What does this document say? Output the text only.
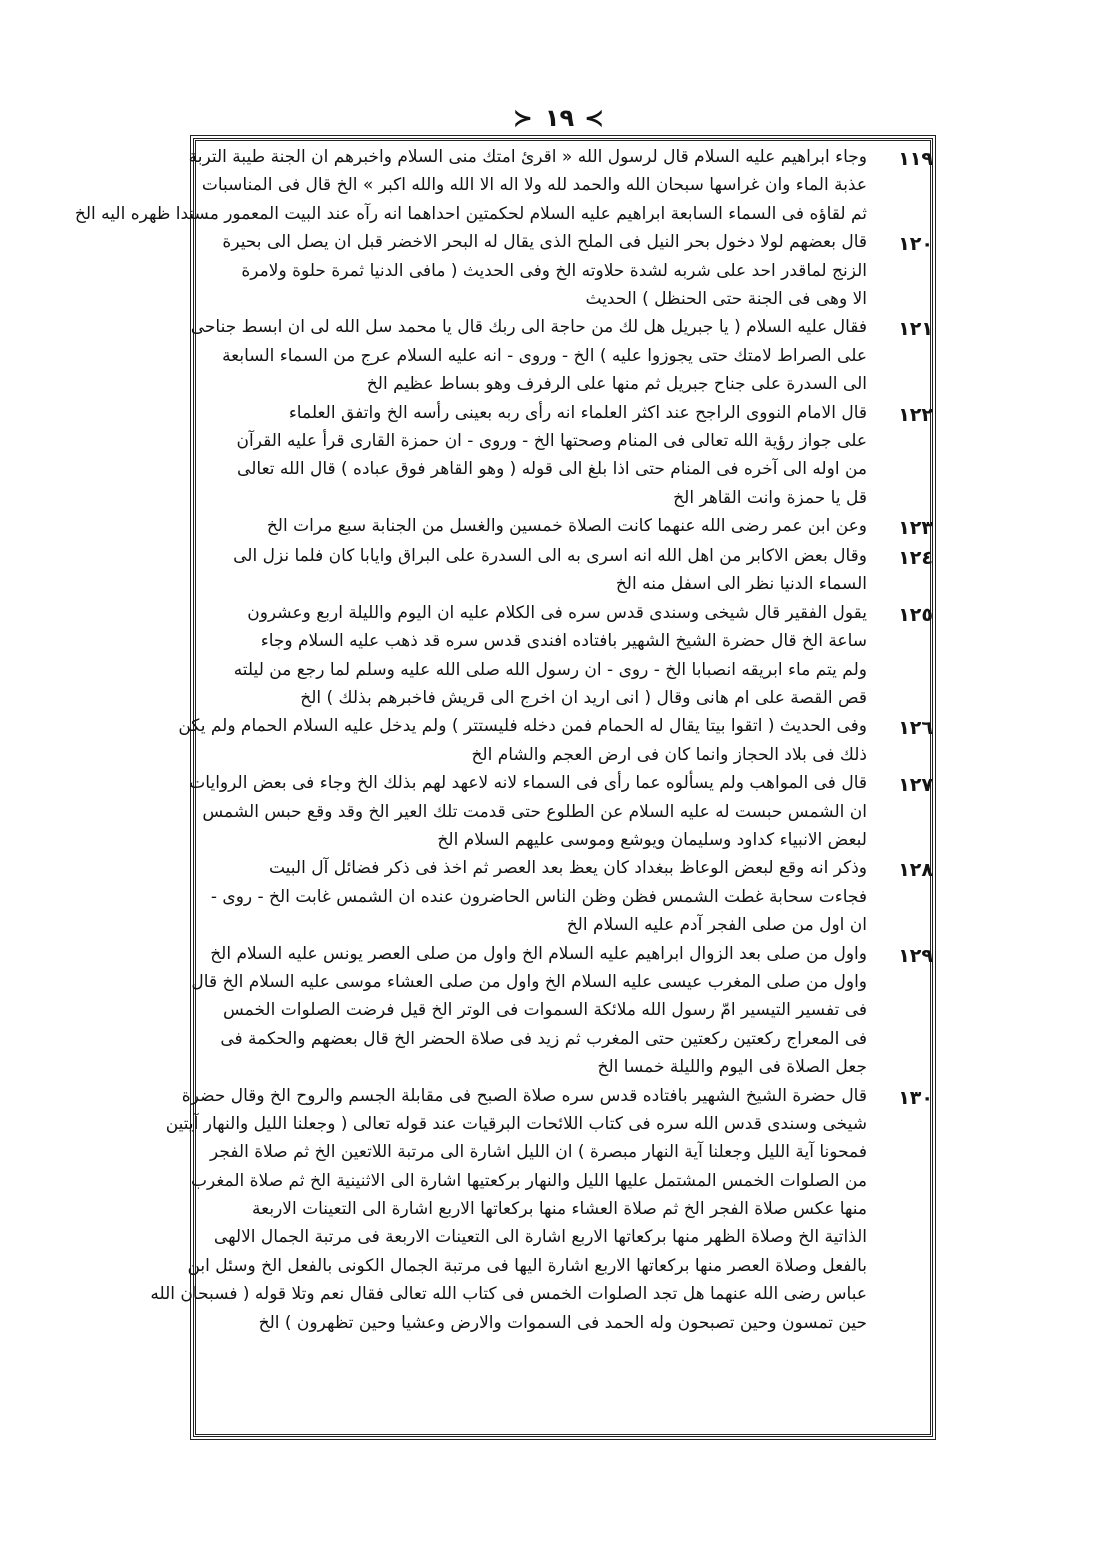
≻ ١٩ ≺
١١٩
وجاء ابراهيم عليه السلام قال لرسول الله « اقرئ امتك منى السلام واخبرهم ان الجنة طيبة التربة
عذبة الماء وان غراسها سبحان الله والحمد لله ولا اله الا الله والله اكبر » الخ قال فى المناسبات
ثم لقاؤه فى السماء السابعة ابراهيم عليه السلام لحكمتين احداهما انه رآه عند البيت المعمور مسندا ظهره اليه الخ
١٢٠
قال بعضهم لولا دخول بحر النيل فى الملح الذى يقال له البحر الاخضر قبل ان يصل الى بحيرة
الزنج لماقدر احد على شربه لشدة حلاوته الخ وفى الحديث ( مافى الدنيا ثمرة حلوة ولامرة
الا وهى فى الجنة حتى الحنظل ) الحديث
١٢١
فقال عليه السلام ( يا جبريل هل لك من حاجة الى ربك قال يا محمد سل الله لى ان ابسط جناحى
على الصراط لامتك حتى يجوزوا عليه ) الخ - وروى - انه عليه السلام عرج من السماء السابعة
الى السدرة على جناح جبريل ثم منها على الرفرف وهو بساط عظيم الخ
١٢٢
قال الامام النووى الراجح عند اكثر العلماء انه رأى ربه بعينى رأسه الخ واتفق العلماء
على جواز رؤية الله تعالى فى المنام وصحتها الخ - وروى - ان حمزة القارى قرأ عليه القرآن
من اوله الى آخره فى المنام حتى اذا بلغ الى قوله ( وهو القاهر فوق عباده ) قال الله تعالى
قل يا حمزة وانت القاهر الخ
١٢٣
وعن ابن عمر رضى الله عنهما كانت الصلاة خمسين والغسل من الجنابة سبع مرات الخ
١٢٤
وقال بعض الاكابر من اهل الله انه اسرى به الى السدرة على البراق وايابا كان فلما نزل الى
السماء الدنيا نظر الى اسفل منه الخ
١٢٥
يقول الفقير قال شيخى وسندى قدس سره فى الكلام عليه ان اليوم والليلة اربع وعشرون
ساعة الخ قال حضرة الشيخ الشهير بافتاده افندى قدس سره قد ذهب عليه السلام وجاء
ولم يتم ماء ابريقه انصبابا الخ - روى - ان رسول الله صلى الله عليه وسلم لما رجع من ليلته
قص القصة على ام هانى وقال ( انى اريد ان اخرج الى قريش فاخبرهم بذلك ) الخ
١٢٦
وفى الحديث ( اتقوا بيتا يقال له الحمام فمن دخله فليستتر ) ولم يدخل عليه السلام الحمام ولم يكن
ذلك فى بلاد الحجاز وانما كان فى ارض العجم والشام الخ
١٢٧
قال فى المواهب ولم يسألوه عما رأى فى السماء لانه لاعهد لهم بذلك الخ وجاء فى بعض الروايات
ان الشمس حبست له عليه السلام عن الطلوع حتى قدمت تلك العير الخ وقد وقع حبس الشمس
لبعض الانبياء كداود وسليمان ويوشع وموسى عليهم السلام الخ
١٢٨
وذكر انه وقع لبعض الوعاظ ببغداد كان يعظ بعد العصر ثم اخذ فى ذكر فضائل آل البيت
فجاءت سحابة غطت الشمس فظن وظن الناس الحاضرون عنده ان الشمس غابت الخ - روى -
ان اول من صلى الفجر آدم عليه السلام الخ
١٢٩
واول من صلى بعد الزوال ابراهيم عليه السلام الخ واول من صلى العصر يونس عليه السلام الخ
واول من صلى المغرب عيسى عليه السلام الخ واول من صلى العشاء موسى عليه السلام الخ قال
فى تفسير التيسير امّ رسول الله ملائكة السموات فى الوتر الخ قيل فرضت الصلوات الخمس
فى المعراج ركعتين ركعتين حتى المغرب ثم زيد فى صلاة الحضر الخ قال بعضهم والحكمة فى
جعل الصلاة فى اليوم والليلة خمسا الخ
١٣٠
قال حضرة الشيخ الشهير بافتاده قدس سره صلاة الصبح فى مقابلة الجسم والروح الخ وقال حضرة
شيخى وسندى قدس الله سره فى كتاب اللائحات البرقيات عند قوله تعالى ( وجعلنا الليل والنهار آيتين
فمحونا آية الليل وجعلنا آية النهار مبصرة ) ان الليل اشارة الى مرتبة اللاتعين الخ ثم صلاة الفجر
من الصلوات الخمس المشتمل عليها الليل والنهار بركعتيها اشارة الى الاثنينية الخ ثم صلاة المغرب
منها عكس صلاة الفجر الخ ثم صلاة العشاء منها بركعاتها الاربع اشارة الى التعينات الاربعة
الذاتية الخ وصلاة الظهر منها بركعاتها الاربع اشارة الى التعينات الاربعة فى مرتبة الجمال الالهى
بالفعل وصلاة العصر منها بركعاتها الاربع اشارة اليها فى مرتبة الجمال الكونى بالفعل الخ وسئل ابن
عباس رضى الله عنهما هل تجد الصلوات الخمس فى كتاب الله تعالى فقال نعم وتلا قوله ( فسبحان الله
حين تمسون وحين تصبحون وله الحمد فى السموات والارض وعشيا وحين تظهرون ) الخ
